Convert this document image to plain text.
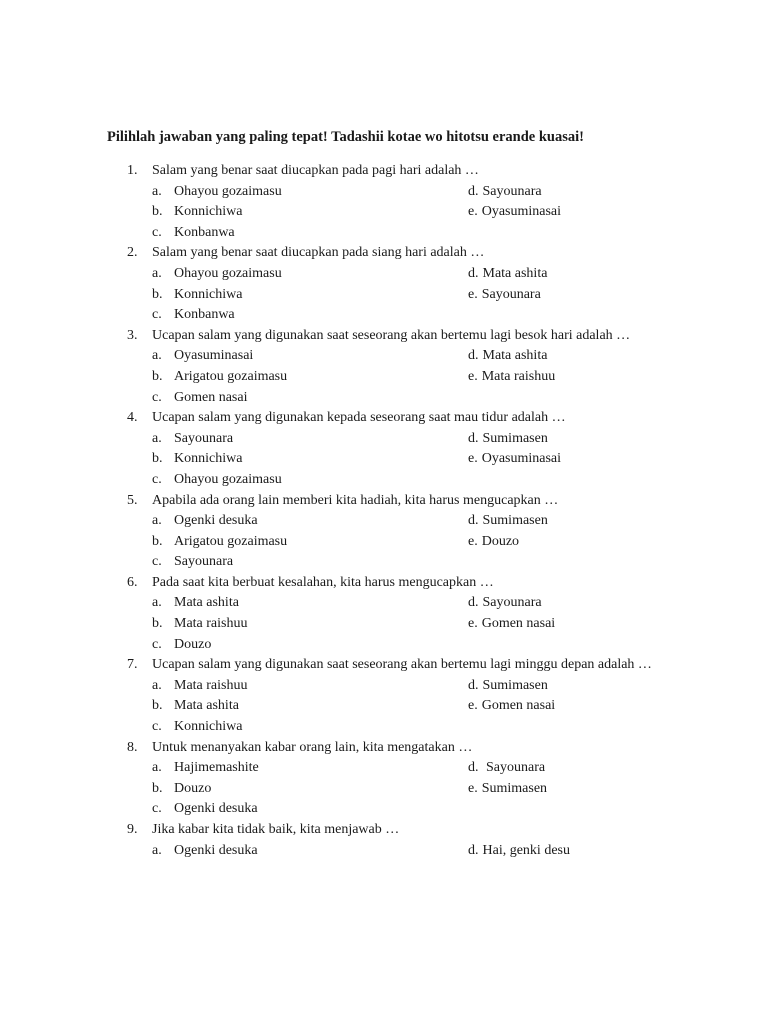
Pilihlah jawaban yang paling tepat! Tadashii kotae wo hitotsu erande kuasai!
1.	Salam yang benar saat diucapkan pada pagi hari adalah …
a. Ohayou gozaimasu	d. Sayounara
b. Konnichiwa	e. Oyasuminasai
c. Konbanwa
2.	Salam yang benar saat diucapkan pada siang hari adalah …
a. Ohayou gozaimasu	d. Mata ashita
b. Konnichiwa	e. Sayounara
c. Konbanwa
3.	Ucapan salam yang digunakan saat seseorang akan bertemu lagi besok hari adalah …
a. Oyasuminasai	d. Mata ashita
b. Arigatou gozaimasu	e. Mata raishuu
c. Gomen nasai
4.	Ucapan salam yang digunakan kepada seseorang saat mau tidur adalah …
a. Sayounara	d. Sumimasen
b. Konnichiwa	e. Oyasuminasai
c. Ohayou gozaimasu
5.	Apabila ada orang lain memberi kita hadiah, kita harus mengucapkan …
a. Ogenki desuka	d. Sumimasen
b. Arigatou gozaimasu	e. Douzo
c. Sayounara
6.	Pada saat kita berbuat kesalahan, kita harus mengucapkan …
a. Mata ashita	d. Sayounara
b. Mata raishuu	e. Gomen nasai
c. Douzo
7.	Ucapan salam yang digunakan saat seseorang akan bertemu lagi minggu depan adalah …
a. Mata raishuu	d. Sumimasen
b. Mata ashita	e. Gomen nasai
c. Konnichiwa
8.	Untuk menanyakan kabar orang lain, kita mengatakan …
a. Hajimemashite	d. Sayounara
b. Douzo	e. Sumimasen
c. Ogenki desuka
9.	Jika kabar kita tidak baik, kita menjawab …
a. Ogenki desuka	d. Hai, genki desu
